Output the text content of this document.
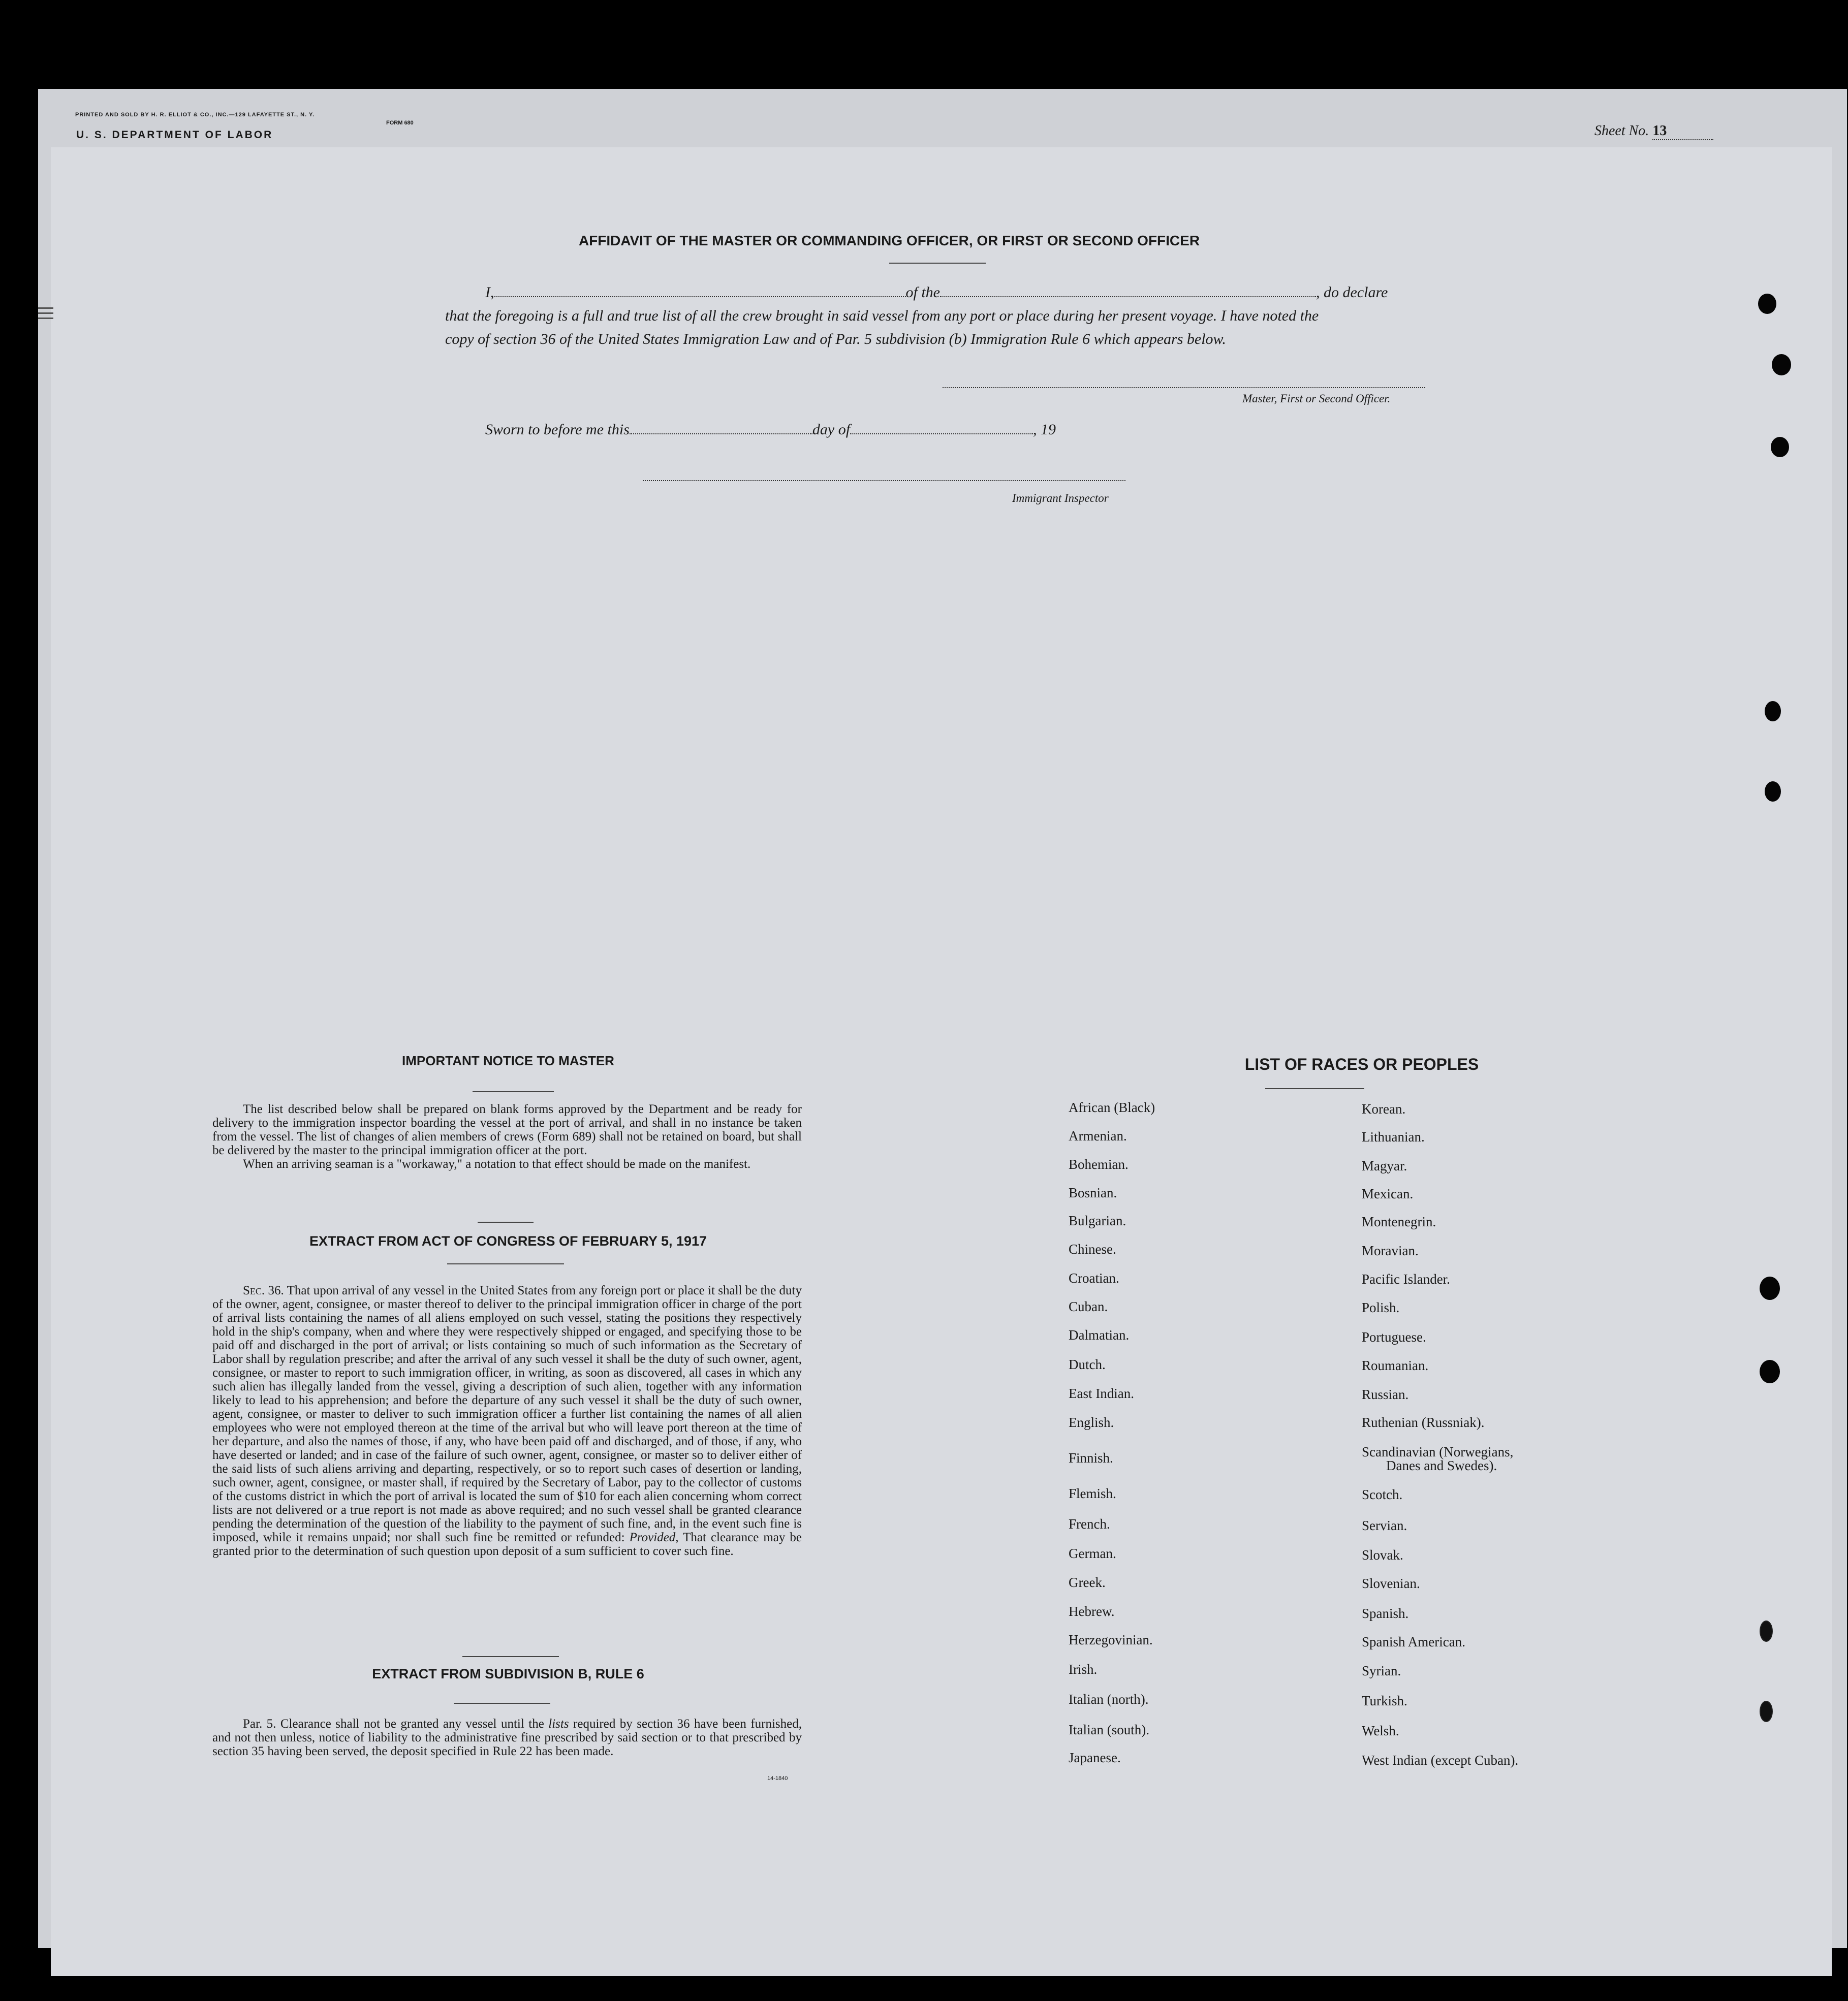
PRINTED AND SOLD BY H. R. ELLIOT & CO., INC.—129 LAFAYETTE ST., N. Y.
FORM 680
U. S. DEPARTMENT OF LABOR	Sheet No. 13
AFFIDAVIT OF THE MASTER OR COMMANDING OFFICER, OR FIRST OR SECOND OFFICER
I,	of the	, do declare
that the foregoing is a full and true list of all the crew brought in said vessel from any port or place during her present voyage. I have noted the
copy of section 36 of the United States Immigration Law and of Par. 5 subdivision (b) Immigration Rule 6 which appears below.
Master, First or Second Officer.
Sworn to before me this	day of	, 19
Immigrant Inspector
IMPORTANT NOTICE TO MASTER

The list described below shall be prepared on blank forms approved by the Department and be ready for delivery to the immigration inspector boarding the vessel at the port of arrival, and shall in no instance be taken from the vessel. The list of changes of alien members of crews (Form 689) shall not be retained on board, but shall be delivered by the master to the principal immigration officer at the port.

When an arriving seaman is a "workaway," a notation to that effect should be made on the manifest.

EXTRACT FROM ACT OF CONGRESS OF FEBRUARY 5, 1917

Sec. 36. That upon arrival of any vessel in the United States from any foreign port or place it shall be the duty of the owner, agent, consignee, or master thereof to deliver to the principal immigration officer in charge of the port of arrival lists containing the names of all aliens employed on such vessel, stating the positions they respectively hold in the ship's company, when and where they were respectively shipped or engaged, and specifying those to be paid off and discharged in the port of arrival; or lists containing so much of such information as the Secretary of Labor shall by regulation prescribe; and after the arrival of any such vessel it shall be the duty of such owner, agent, consignee, or master to report to such immigration officer, in writing, as soon as discovered, all cases in which any such alien has illegally landed from the vessel, giving a description of such alien, together with any information likely to lead to his apprehension; and before the departure of any such vessel it shall be the duty of such owner, agent, consignee, or master to deliver to such immigration officer a further list containing the names of all alien employees who were not employed thereon at the time of the arrival but who will leave port thereon at the time of her departure, and also the names of those, if any, who have been paid off and discharged, and of those, if any, who have deserted or landed; and in case of the failure of such owner, agent, consignee, or master so to deliver either of the said lists of such aliens arriving and departing, respectively, or so to report such cases of desertion or landing, such owner, agent, consignee, or master shall, if required by the Secretary of Labor, pay to the collector of customs of the customs district in which the port of arrival is located the sum of $10 for each alien concerning whom correct lists are not delivered or a true report is not made as above required; and no such vessel shall be granted clearance pending the determination of the question of the liability to the payment of such fine, and, in the event such fine is imposed, while it remains unpaid; nor shall such fine be remitted or refunded: Provided, That clearance may be granted prior to the determination of such question upon deposit of a sum sufficient to cover such fine.

EXTRACT FROM SUBDIVISION B, RULE 6

Par. 5. Clearance shall not be granted any vessel until the lists required by section 36 have been furnished, and not then unless, notice of liability to the administrative fine prescribed by said section or to that prescribed by section 35 having been served, the deposit specified in Rule 22 has been made.

14-1840
LIST OF RACES OR PEOPLES
African (Black)
Armenian.
Bohemian.
Bosnian.
Bulgarian.
Chinese.
Croatian.
Cuban.
Dalmatian.
Dutch.
East Indian.
English.
Finnish.
Flemish.
French.
German.
Greek.
Hebrew.
Herzegovinian.
Irish.
Italian (north).
Italian (south).
Japanese.
Korean.
Lithuanian.
Magyar.
Mexican.
Montenegrin.
Moravian.
Pacific Islander.
Polish.
Portuguese.
Roumanian.
Russian.
Ruthenian (Russniak).
Scandinavian (Norwegians,
Danes and Swedes).
Scotch.
Servian.
Slovak.
Slovenian.
Spanish.
Spanish American.
Syrian.
Turkish.
Welsh.
West Indian (except Cuban).
